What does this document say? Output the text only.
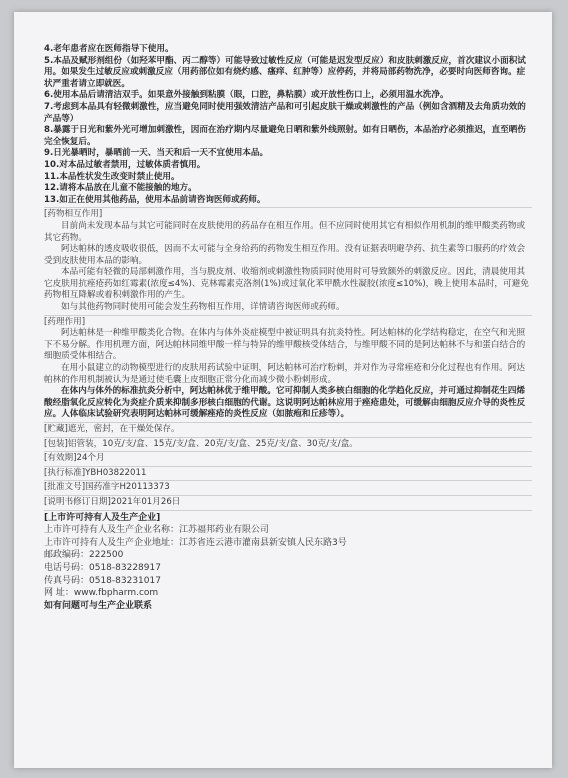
4.老年患者应在医师指导下使用。

5.本品及赋形剂组份（如羟苯甲酯、丙二醇等）可能导致过敏性反应（可能是迟发型反应）和皮肤刺激反应，首次建议小面积试用。如果发生过敏反应或刺激反应（用药部位如有烧灼感、瘙痒、红肿等）应停药，并将局部药物洗净，必要时向医师咨询。症状严重者请立即就医。

6.使用本品后请清洁双手。如果意外接触到粘膜（眼，口腔，鼻粘膜）或开放性伤口上，必须用温水洗净。

7.考虑到本品具有轻微刺激性，应当避免同时使用强效清洁产品和可引起皮肤干燥或刺激性的产品（例如含酒精及去角质功效的产品等）

8.暴露于日光和紫外光可增加刺激性，因而在治疗期内尽量避免日晒和紫外线照射。如有日晒伤，本品治疗必须推迟，直至晒伤完全恢复后。

9.日光暴晒时，暴晒前一天、当天和后一天不宜使用本品。

10.对本品过敏者禁用，过敏体质者慎用。

11.本品性状发生改变时禁止使用。

12.请将本品放在儿童不能接触的地方。

13.如正在使用其他药品，使用本品前请咨询医师或药师。

[药物相互作用]

目前尚未发现本品与其它可能同时在皮肤使用的药品存在相互作用。但不应同时使用其它有相似作用机制的维甲酸类药物或其它药物。

阿达帕林的透皮吸收很低，因而不太可能与全身给药的药物发生相互作用。没有证据表明避孕药、抗生素等口服药的疗效会受到皮肤使用本品的影响。

本品可能有轻微的局部刺激作用，当与脱皮剂、收缩剂或刺激性物质同时使用时可导致额外的刺激反应。因此，清晨使用其它皮肤用抗痤疮药如红霉素(浓度≤4%)、克林霉素克洛剂(1%)或过氧化苯甲酰水性凝胶(浓度≤10%)，晚上使用本品时，可避免药物相互降解或着积刺激作用的产生。

如与其他药物同时使用可能会发生药物相互作用，详情请咨询医师或药师。

[药理作用]

阿达帕林是一种维甲酸类化合物。在体内与体外炎症模型中被证明具有抗炎特性。阿达帕林的化学结构稳定，在空气和光照下不易分解。作用机理方面，阿达帕林同维甲酸一样与特异的维甲酸核受体结合，与维甲酸不同的是阿达帕林不与和蛋白结合的细胞质受体相结合。

在用小鼠建立的动物模型进行的皮肤用药试验中证明，阿达帕林可治疗粉刺，并对作为寻常痤疮和分化过程也有作用。阿达帕林的作用机制被认为是通过使毛囊上皮细胞正常分化而减少微小粉刺形成。

在体内与体外的标准抗炎分析中，阿达帕林优于维甲酸。它可抑制人类多核白细胞的化学趋化反应，并可通过抑制花生四烯酸经脂氧化反应转化为炎症介质来抑制多形核白细胞的代谢。这说明阿达帕林应用于痤疮患处，可缓解由细胞反应介导的炎性反应。人体临床试验研究表明阿达帕林可缓解痤疮的炎性反应（如脓疱和丘疹等）。

[贮藏]遮光，密封，在干燥处保存。

[包装]铝管装，10克/支/盒、15克/支/盒、20克/支/盒、25克/支/盒、30克/支/盒。

[有效期]24个月

[执行标准]YBH03822011

[批准文号]国药准字H20113373

[说明书修订日期]2021年01月26日

[上市许可持有人及生产企业]

上市许可持有人及生产企业名称：江苏福邦药业有限公司

上市许可持有人及生产企业地址：江苏省连云港市灌南县新安镇人民东路3号

邮政编码：222500

电话号码：0518-83228917

传真号码：0518-83231017

网 址：www.fbpharm.com

如有问题可与生产企业联系
